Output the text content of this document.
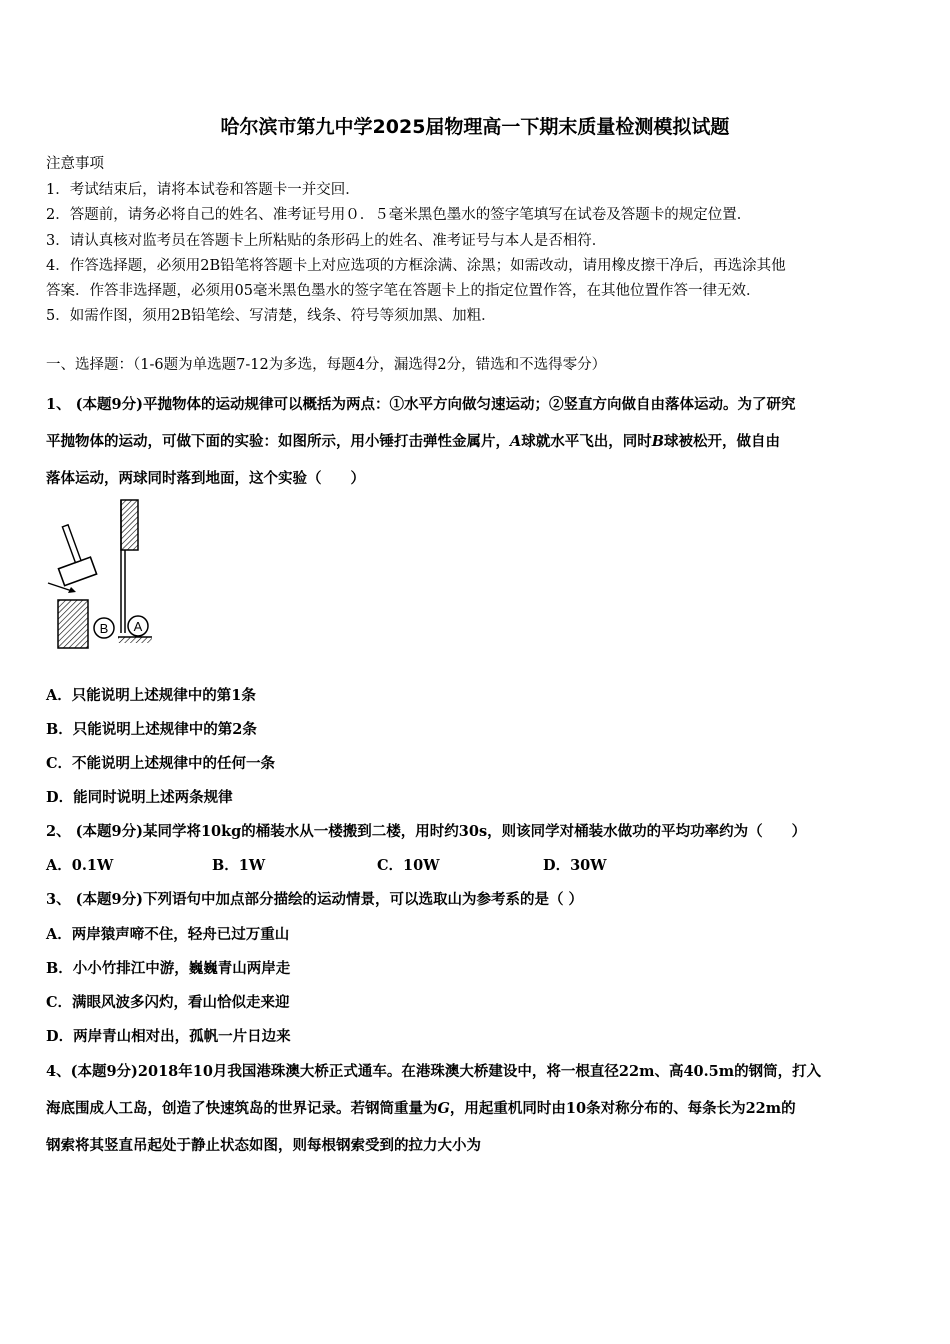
哈尔滨市第九中学2025届物理高一下期末质量检测模拟试题
注意事项
1．考试结束后，请将本试卷和答题卡一并交回．
2．答题前，请务必将自己的姓名、准考证号用０．５毫米黑色墨水的签字笔填写在试卷及答题卡的规定位置．
3．请认真核对监考员在答题卡上所粘贴的条形码上的姓名、准考证号与本人是否相符．
4．作答选择题，必须用2B铅笔将答题卡上对应选项的方框涂满、涂黑；如需改动，请用橡皮擦干净后，再选涂其他
答案．作答非选择题，必须用05毫米黑色墨水的签字笔在答题卡上的指定位置作答，在其他位置作答一律无效．
5．如需作图，须用2B铅笔绘、写清楚，线条、符号等须加黑、加粗．
一、选择题：（1-6题为单选题7-12为多选，每题4分，漏选得2分，错选和不选得零分）
1、 (本题9分)平抛物体的运动规律可以概括为两点：①水平方向做匀速运动；②竖直方向做自由落体运动。为了研究
平抛物体的运动，可做下面的实验：如图所示，用小锤打击弹性金属片，A球就水平飞出，同时B球被松开，做自由
落体运动，两球同时落到地面，这个实验（　　）
B A
A．只能说明上述规律中的第1条
B．只能说明上述规律中的第2条
C．不能说明上述规律中的任何一条
D．能同时说明上述两条规律
2、 (本题9分)某同学将10kg的桶装水从一楼搬到二楼，用时约30s，则该同学对桶装水做功的平均功率约为（　　）
A．0.1W	B．1W	C．10W	D．30W
3、 (本题9分)下列语句中加点部分描绘的运动情景，可以选取山为参考系的是（ ）
A．两岸猿声啼不住，轻舟已过万重山
B．小小竹排江中游，巍巍青山两岸走
C．满眼风波多闪灼，看山恰似走来迎
D．两岸青山相对出，孤帆一片日边来
4、(本题9分)2018年10月我国港珠澳大桥正式通车。在港珠澳大桥建设中，将一根直径22m、高40.5m的钢筒，打入
海底围成人工岛，创造了快速筑岛的世界记录。若钢筒重量为G，用起重机同时由10条对称分布的、每条长为22m的
钢索将其竖直吊起处于静止状态如图，则每根钢索受到的拉力大小为
